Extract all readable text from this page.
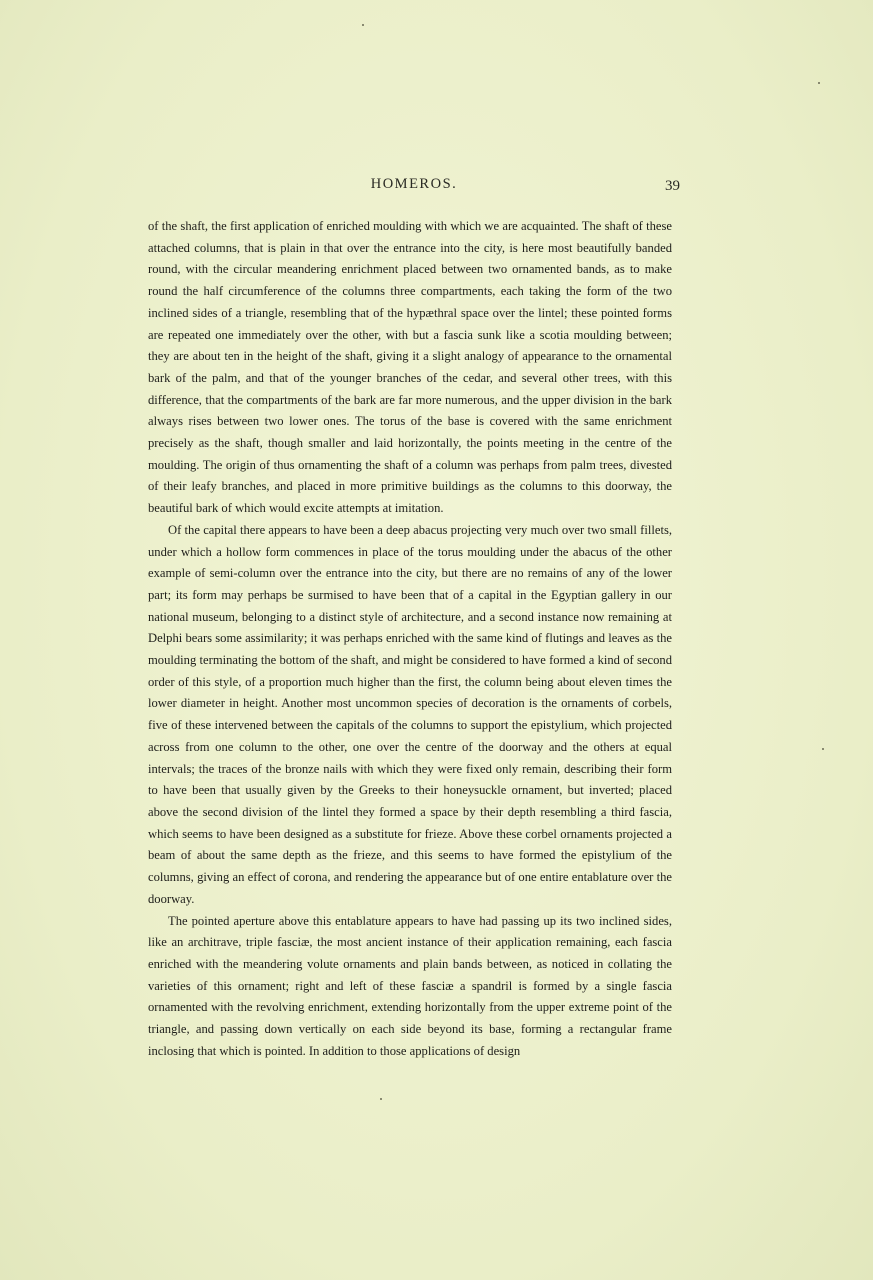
HOMEROS.	39

of the shaft, the first application of enriched moulding with which we are acquainted. The shaft of these attached columns, that is plain in that over the entrance into the city, is here most beautifully banded round, with the circular meandering enrichment placed between two ornamented bands, as to make round the half circumference of the columns three compartments, each taking the form of the two inclined sides of a triangle, resembling that of the hypæthral space over the lintel; these pointed forms are repeated one immediately over the other, with but a fascia sunk like a scotia moulding between; they are about ten in the height of the shaft, giving it a slight analogy of appearance to the ornamental bark of the palm, and that of the younger branches of the cedar, and several other trees, with this difference, that the compartments of the bark are far more numerous, and the upper division in the bark always rises between two lower ones. The torus of the base is covered with the same enrichment precisely as the shaft, though smaller and laid horizontally, the points meeting in the centre of the moulding. The origin of thus ornamenting the shaft of a column was perhaps from palm trees, divested of their leafy branches, and placed in more primitive buildings as the columns to this doorway, the beautiful bark of which would excite attempts at imitation.

Of the capital there appears to have been a deep abacus projecting very much over two small fillets, under which a hollow form commences in place of the torus moulding under the abacus of the other example of semi-column over the entrance into the city, but there are no remains of any of the lower part; its form may perhaps be surmised to have been that of a capital in the Egyptian gallery in our national museum, belonging to a distinct style of architecture, and a second instance now remaining at Delphi bears some assimilarity; it was perhaps enriched with the same kind of flutings and leaves as the moulding terminating the bottom of the shaft, and might be considered to have formed a kind of second order of this style, of a proportion much higher than the first, the column being about eleven times the lower diameter in height. Another most uncommon species of decoration is the ornaments of corbels, five of these intervened between the capitals of the columns to support the epistylium, which projected across from one column to the other, one over the centre of the doorway and the others at equal intervals; the traces of the bronze nails with which they were fixed only remain, describing their form to have been that usually given by the Greeks to their honeysuckle ornament, but inverted; placed above the second division of the lintel they formed a space by their depth resembling a third fascia, which seems to have been designed as a substitute for frieze. Above these corbel ornaments projected a beam of about the same depth as the frieze, and this seems to have formed the epistylium of the columns, giving an effect of corona, and rendering the appearance but of one entire entablature over the doorway.

The pointed aperture above this entablature appears to have had passing up its two inclined sides, like an architrave, triple fasciæ, the most ancient instance of their application remaining, each fascia enriched with the meandering volute ornaments and plain bands between, as noticed in collating the varieties of this ornament; right and left of these fasciæ a spandril is formed by a single fascia ornamented with the revolving enrichment, extending horizontally from the upper extreme point of the triangle, and passing down vertically on each side beyond its base, forming a rectangular frame inclosing that which is pointed. In addition to those applications of design
